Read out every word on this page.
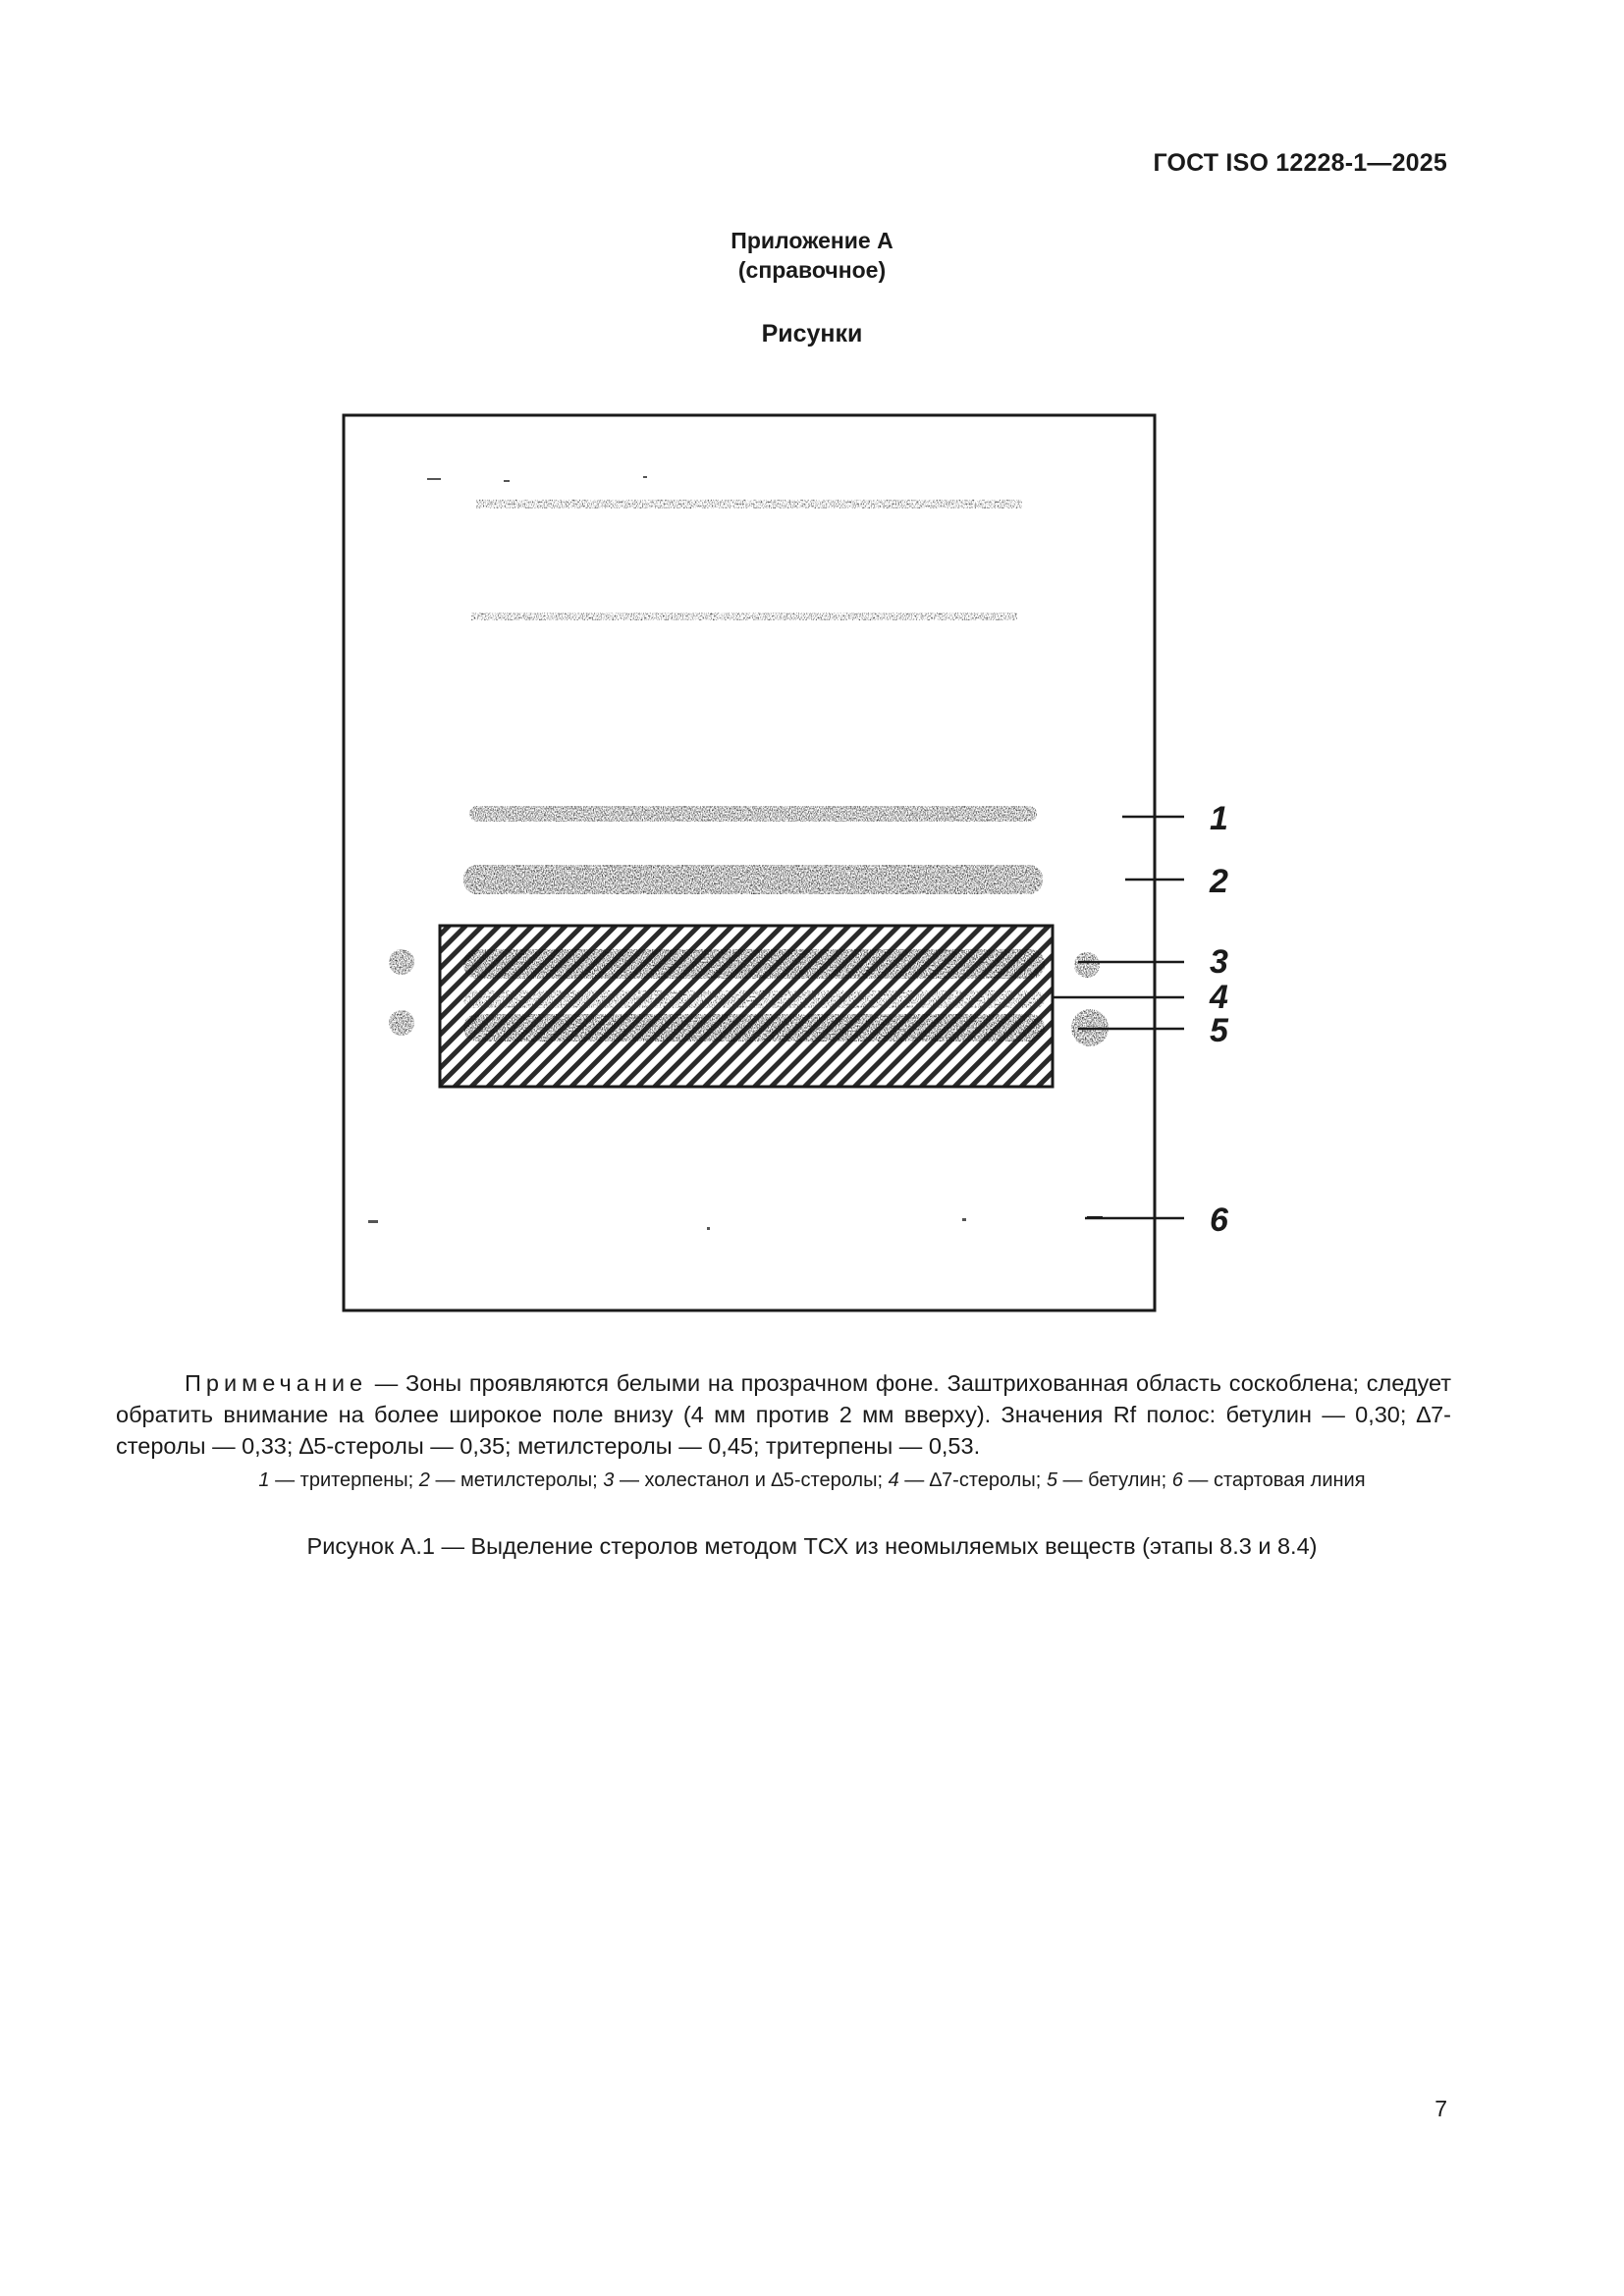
ГОСТ ISO 12228-1—2025
Приложение А
(справочное)
Рисунки
1
2
3
4
5
6
Примечание — Зоны проявляются белыми на прозрачном фоне. Заштрихованная область соскоблена; следует обратить внимание на более широкое поле внизу (4 мм против 2 мм вверху). Значения Rf полос: бетулин — 0,30; ∆7-стеролы — 0,33; ∆5-стеролы — 0,35; метилстеролы — 0,45; тритерпены — 0,53.
1 — тритерпены; 2 — метилстеролы; 3 — холестанол и ∆5-стеролы; 4 — ∆7-стеролы; 5 — бетулин; 6 — стартовая линия
Рисунок А.1 — Выделение стеролов методом ТСХ из неомыляемых веществ (этапы 8.3 и 8.4)
7
